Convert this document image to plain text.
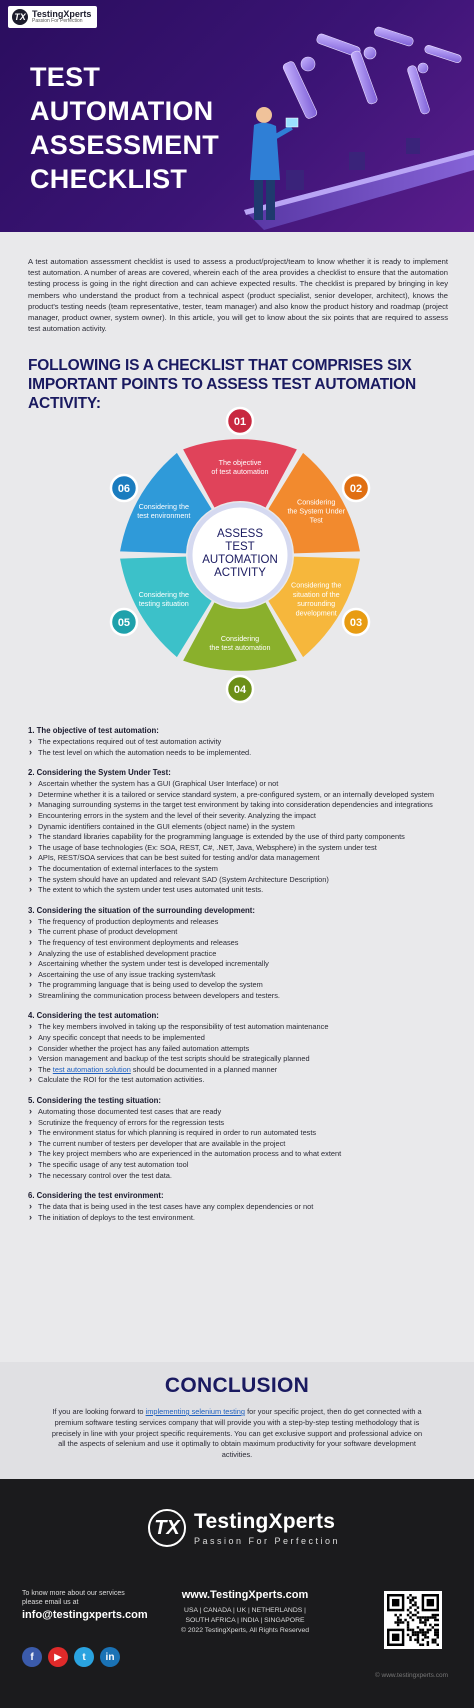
TX TestingXperts
Passion For Perfection
TEST
AUTOMATION
ASSESSMENT
CHECKLIST

A test automation assessment checklist is used to assess a product/project/team to know whether it is ready to implement test automation. A number of areas are covered, wherein each of the area provides a checklist to ensure that the automation testing process is going in the right direction and can achieve expected results. The checklist is prepared by bringing in key members who understand the product from a technical aspect (product specialist, senior developer, architect), knows the product's testing needs (team representative, tester, team manager) and also know the product history and roadmap (project manager, product owner, system owner). In this article, you will get to know about the six points that are required to assess test automation activity.

FOLLOWING IS A CHECKLIST THAT COMPRISES SIX IMPORTANT POINTS TO ASSESS TEST AUTOMATION ACTIVITY:
The objective of test automation
01
Considering the System Under Test
02
Considering the situation of the surrounding development
03
Considering the test automation
04
Considering the testing situation
05
Considering the test environment
06
ASSESS TEST AUTOMATION ACTIVITY
1. The objective of test automation:
› The expectations required out of test automation activity
› The test level on which the automation needs to be implemented.
2. Considering the System Under Test:
› Ascertain whether the system has a GUI (Graphical User Interface) or not
› Determine whether it is a tailored or service standard system, a pre-configured system, or an internally developed system
› Managing surrounding systems in the target test environment by taking into consideration dependencies and integrations
› Encountering errors in the system and the level of their severity. Analyzing the impact
› Dynamic identifiers contained in the GUI elements (object name) in the system
› The standard libraries capability for the programming language is extended by the use of third party components
› The usage of base technologies (Ex: SOA, REST, C#, .NET, Java, Websphere) in the system under test
› APIs, REST/SOA services that can be best suited for testing and/or data management
› The documentation of external interfaces to the system
› The system should have an updated and relevant SAD (System Architecture Description)
› The extent to which the system under test uses automated unit tests.
3. Considering the situation of the surrounding development:
› The frequency of production deployments and releases
› The current phase of product development
› The frequency of test environment deployments and releases
› Analyzing the use of established development practice
› Ascertaining whether the system under test is developed incrementally
› Ascertaining the use of any issue tracking system/task
› The programming language that is being used to develop the system
› Streamlining the communication process between developers and testers.
4. Considering the test automation:
› The key members involved in taking up the responsibility of test automation maintenance
› Any specific concept that needs to be implemented
› Consider whether the project has any failed automation attempts
› Version management and backup of the test scripts should be strategically planned
› The test automation solution should be documented in a planned manner
› Calculate the ROI for the test automation activities.
5. Considering the testing situation:
› Automating those documented test cases that are ready
› Scrutinize the frequency of errors for the regression tests
› The environment status for which planning is required in order to run automated tests
› The current number of testers per developer that are available in the project
› The key project members who are experienced in the automation process and to what extent
› The specific usage of any test automation tool
› The necessary control over the test data.
6. Considering the test environment:
› The data that is being used in the test cases have any complex dependencies or not
› The initiation of deploys to the test environment.
CONCLUSION

If you are looking forward to implementing selenium testing for your specific project, then do get connected with a premium software testing services company that will provide you with a step-by-step testing methodology that is precisely in line with your project specific requirements. You can get exclusive support and professional advice on all the aspects of selenium and use it optimally to obtain maximum productivity for your software development activities.

TX TestingXperts
Passion For Perfection
To know more about our services please email us at
info@testingxperts.com
www.TestingXperts.com
USA | CANADA | UK | NETHERLANDS |
SOUTH AFRICA | INDIA | SINGAPORE
© 2022 TestingXperts, All Rights Reserved
f	▶	t	in
© www.testingxperts.com
